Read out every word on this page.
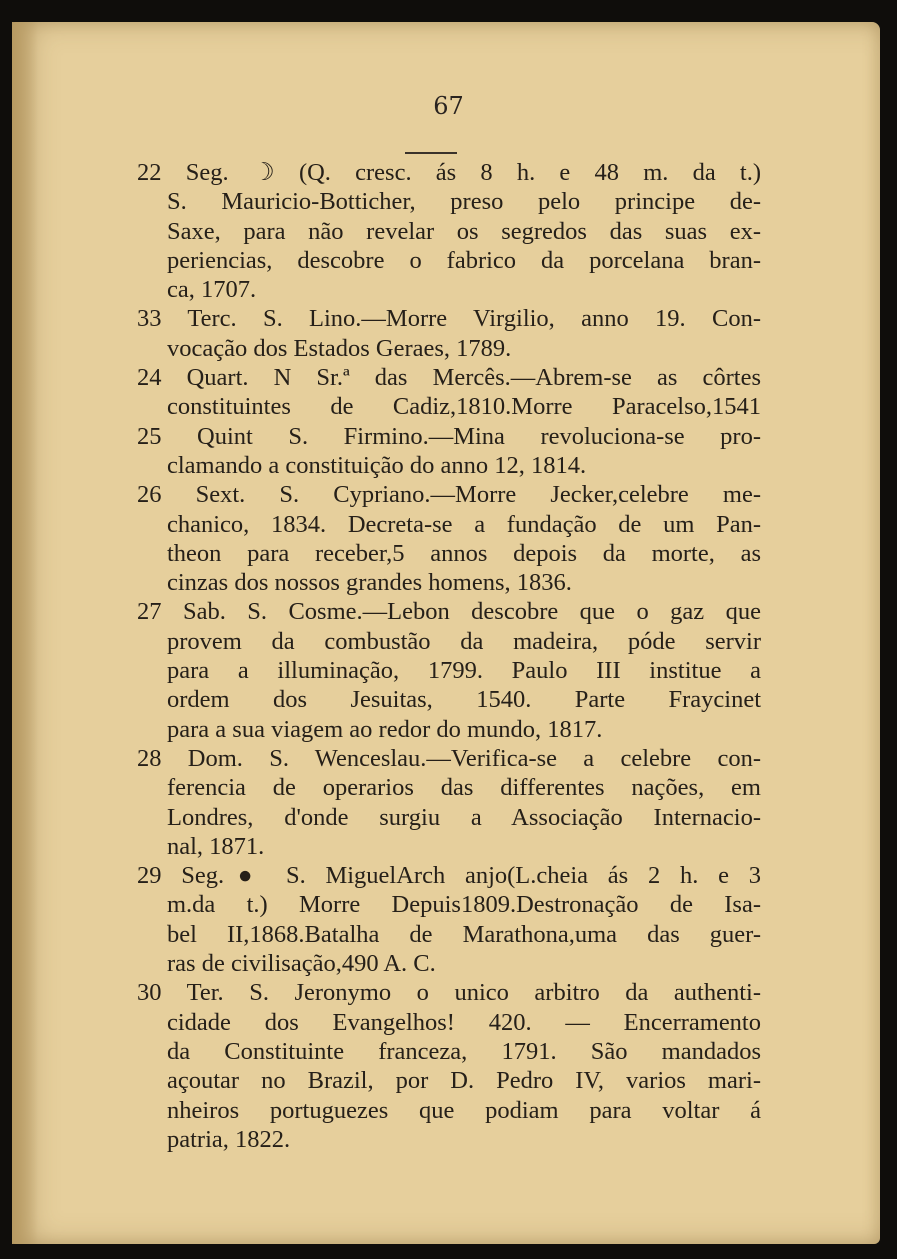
67
22 Seg. ☽ (Q. cresc. ás 8 h. e 48 m. da t.)
S. Mauricio-Botticher, preso pelo principe de-
Saxe, para não revelar os segredos das suas ex-
periencias, descobre o fabrico da porcelana bran-
ca, 1707.
33 Terc. S. Lino.—Morre Virgilio, anno 19. Con-
vocação dos Estados Geraes, 1789.
24 Quart. N Sr.ª das Mercês.—Abrem-se as côrtes
constituintes de Cadiz,1810.Morre Paracelso,1541
25 Quint S. Firmino.—Mina revoluciona-se pro-
clamando a constituição do anno 12, 1814.
26 Sext. S. Cypriano.—Morre Jecker,celebre me-
chanico, 1834. Decreta-se a fundação de um Pan-
theon para receber,5 annos depois da morte, as
cinzas dos nossos grandes homens, 1836.
27 Sab. S. Cosme.—Lebon descobre que o gaz que
provem da combustão da madeira, póde servir
para a illuminação, 1799. Paulo III institue a
ordem dos Jesuitas, 1540. Parte Fraycinet
para a sua viagem ao redor do mundo, 1817.
28 Dom. S. Wenceslau.—Verifica-se a celebre con-
ferencia de operarios das differentes nações, em
Londres, d'onde surgiu a Associação Internacio-
nal, 1871.
29 Seg.● S. MiguelArch anjo(L.cheia ás 2 h. e 3
m.da t.) Morre Depuis1809.Destronação de Isa-
bel II,1868.Batalha de Marathona,uma das guer-
ras de civilisação,490 A. C.
30 Ter. S. Jeronymo o unico arbitro da authenti-
cidade dos Evangelhos! 420. — Encerramento
da Constituinte franceza, 1791. São mandados
açoutar no Brazil, por D. Pedro IV, varios mari-
nheiros portuguezes que podiam para voltar á
patria, 1822.
